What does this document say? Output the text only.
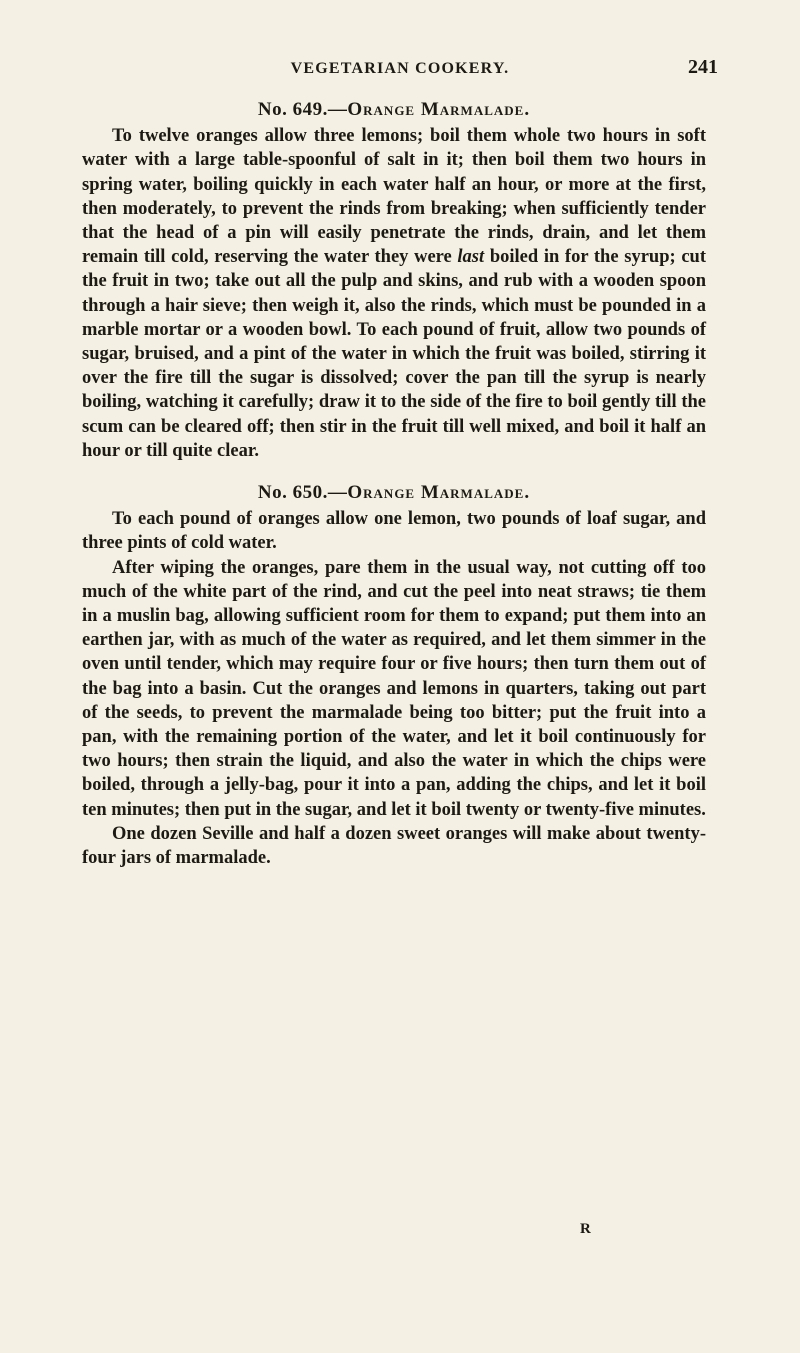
VEGETARIAN COOKERY.	241
No. 649.—Orange Marmalade.

To twelve oranges allow three lemons; boil them whole two hours in soft water with a large table-spoonful of salt in it; then boil them two hours in spring water, boiling quickly in each water half an hour, or more at the first, then moderately, to prevent the rinds from breaking; when sufficiently tender that the head of a pin will easily penetrate the rinds, drain, and let them remain till cold, reserving the water they were last boiled in for the syrup; cut the fruit in two; take out all the pulp and skins, and rub with a wooden spoon through a hair sieve; then weigh it, also the rinds, which must be pounded in a marble mortar or a wooden bowl. To each pound of fruit, allow two pounds of sugar, bruised, and a pint of the water in which the fruit was boiled, stirring it over the fire till the sugar is dissolved; cover the pan till the syrup is nearly boiling, watching it carefully; draw it to the side of the fire to boil gently till the scum can be cleared off; then stir in the fruit till well mixed, and boil it half an hour or till quite clear.

No. 650.—Orange Marmalade.

To each pound of oranges allow one lemon, two pounds of loaf sugar, and three pints of cold water.

After wiping the oranges, pare them in the usual way, not cutting off too much of the white part of the rind, and cut the peel into neat straws; tie them in a muslin bag, allowing sufficient room for them to expand; put them into an earthen jar, with as much of the water as required, and let them simmer in the oven until tender, which may require four or five hours; then turn them out of the bag into a basin. Cut the oranges and lemons in quarters, taking out part of the seeds, to prevent the marmalade being too bitter; put the fruit into a pan, with the remaining portion of the water, and let it boil continuously for two hours; then strain the liquid, and also the water in which the chips were boiled, through a jelly-bag, pour it into a pan, adding the chips, and let it boil ten minutes; then put in the sugar, and let it boil twenty or twenty-five minutes.

One dozen Seville and half a dozen sweet oranges will make about twenty-four jars of marmalade.

R
